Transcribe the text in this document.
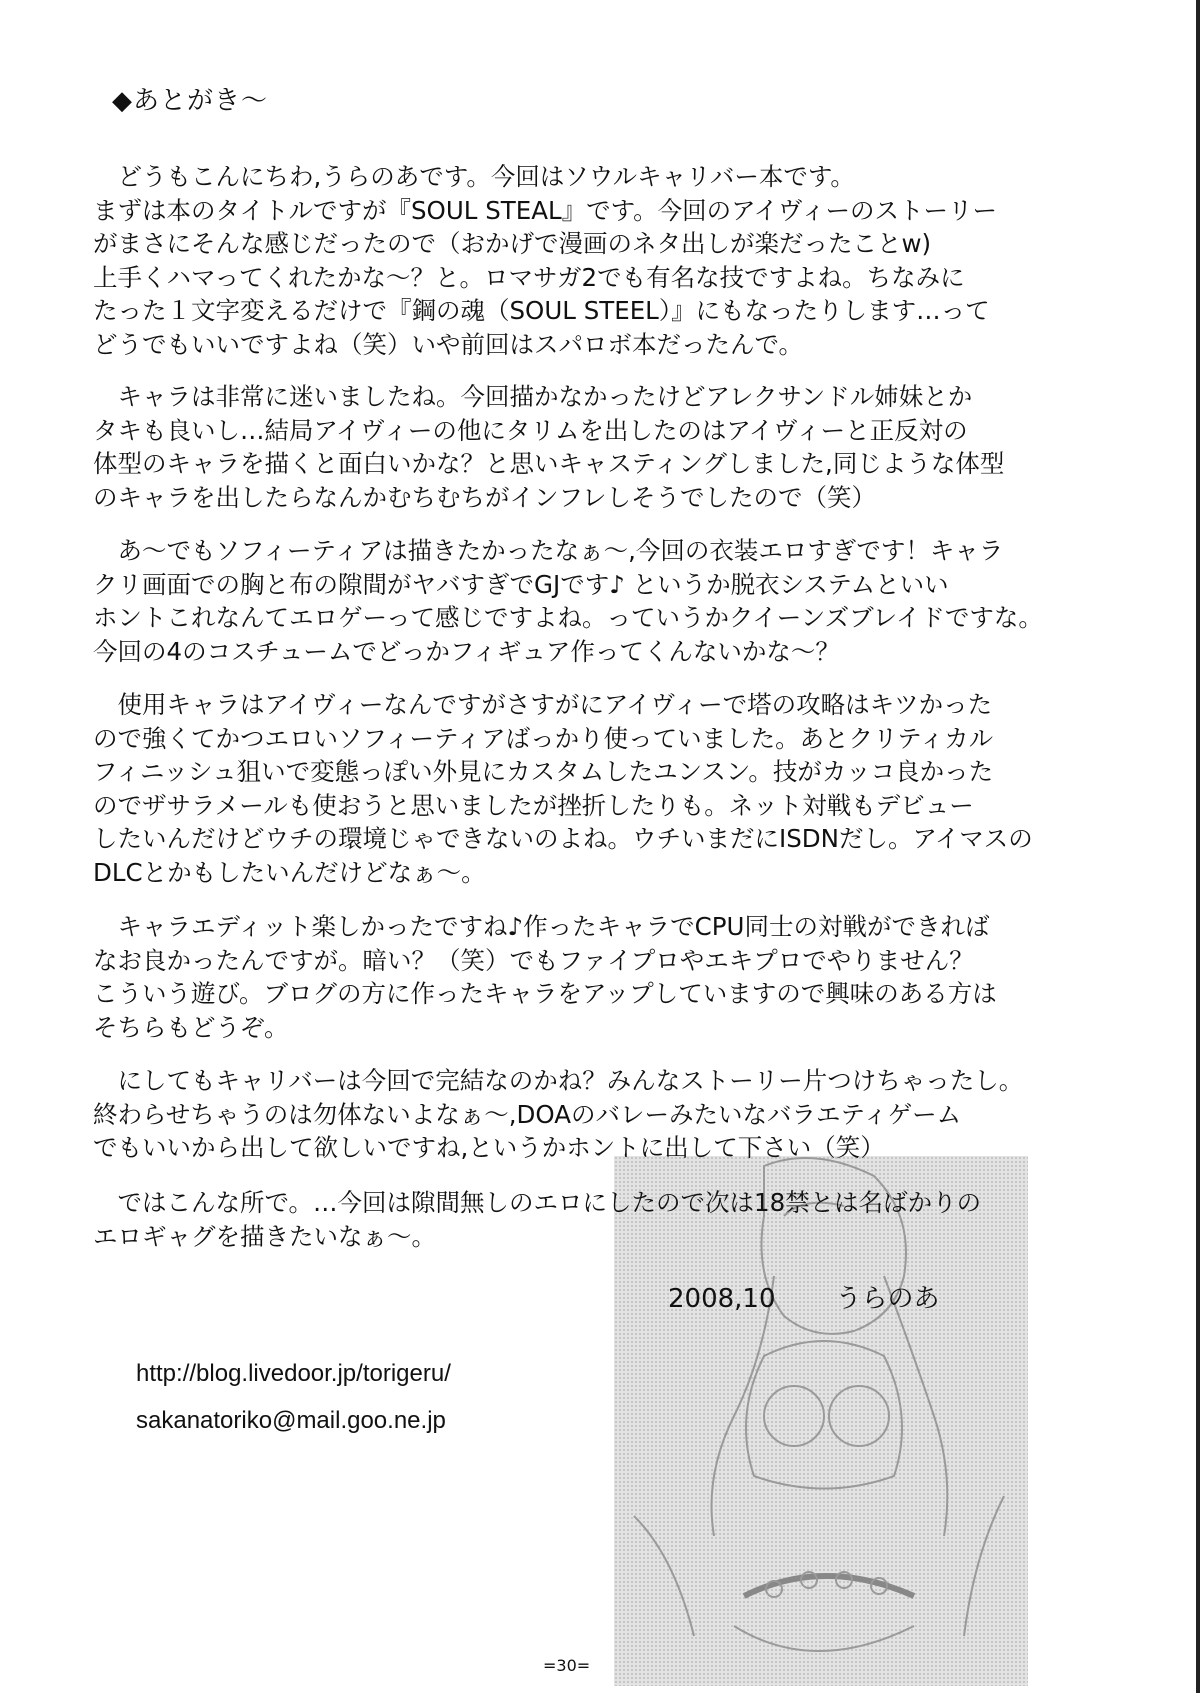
◆あとがき～
　どうもこんにちわ,うらのあです。今回はソウルキャリバー本です。
まずは本のタイトルですが『SOUL STEAL』です。今回のアイヴィーのストーリー
がまさにそんな感じだったので（おかげで漫画のネタ出しが楽だったことw)
上手くハマってくれたかな～？と。ロマサガ2でも有名な技ですよね。ちなみに
たった１文字変えるだけで『鋼の魂（SOUL STEEL）』にもなったりします…って
どうでもいいですよね（笑）いや前回はスパロボ本だったんで。
　キャラは非常に迷いましたね。今回描かなかったけどアレクサンドル姉妹とか
タキも良いし…結局アイヴィーの他にタリムを出したのはアイヴィーと正反対の
体型のキャラを描くと面白いかな？と思いキャスティングしました,同じような体型
のキャラを出したらなんかむちむちがインフレしそうでしたので（笑）
　あ～でもソフィーティアは描きたかったなぁ～,今回の衣装エロすぎです！キャラ
クリ画面での胸と布の隙間がヤバすぎでGJです♪ というか脱衣システムといい
ホントこれなんてエロゲーって感じですよね。っていうかクイーンズブレイドですな。
今回の4のコスチュームでどっかフィギュア作ってくんないかな～？
　使用キャラはアイヴィーなんですがさすがにアイヴィーで塔の攻略はキツかった
ので強くてかつエロいソフィーティアばっかり使っていました。あとクリティカル
フィニッシュ狙いで変態っぽい外見にカスタムしたユンスン。技がカッコ良かった
のでザサラメールも使おうと思いましたが挫折したりも。ネット対戦もデビュー
したいんだけどウチの環境じゃできないのよね。ウチいまだにISDNだし。アイマスの
DLCとかもしたいんだけどなぁ～。
　キャラエディット楽しかったですね♪作ったキャラでCPU同士の対戦ができれば
なお良かったんですが。暗い？（笑）でもファイプロやエキプロでやりません？
こういう遊び。ブログの方に作ったキャラをアップしていますので興味のある方は
そちらもどうぞ。
　にしてもキャリバーは今回で完結なのかね？みんなストーリー片つけちゃったし。
終わらせちゃうのは勿体ないよなぁ～,DOAのバレーみたいなバラエティゲーム
でもいいから出して欲しいですね,というかホントに出して下さい（笑）
　ではこんな所で。…今回は隙間無しのエロにしたので次は18禁とは名ばかりの
エロギャグを描きたいなぁ～。
2008,10 うらのあ
http://blog.livedoor.jp/torigeru/
sakanatoriko@mail.goo.ne.jp
=30=
